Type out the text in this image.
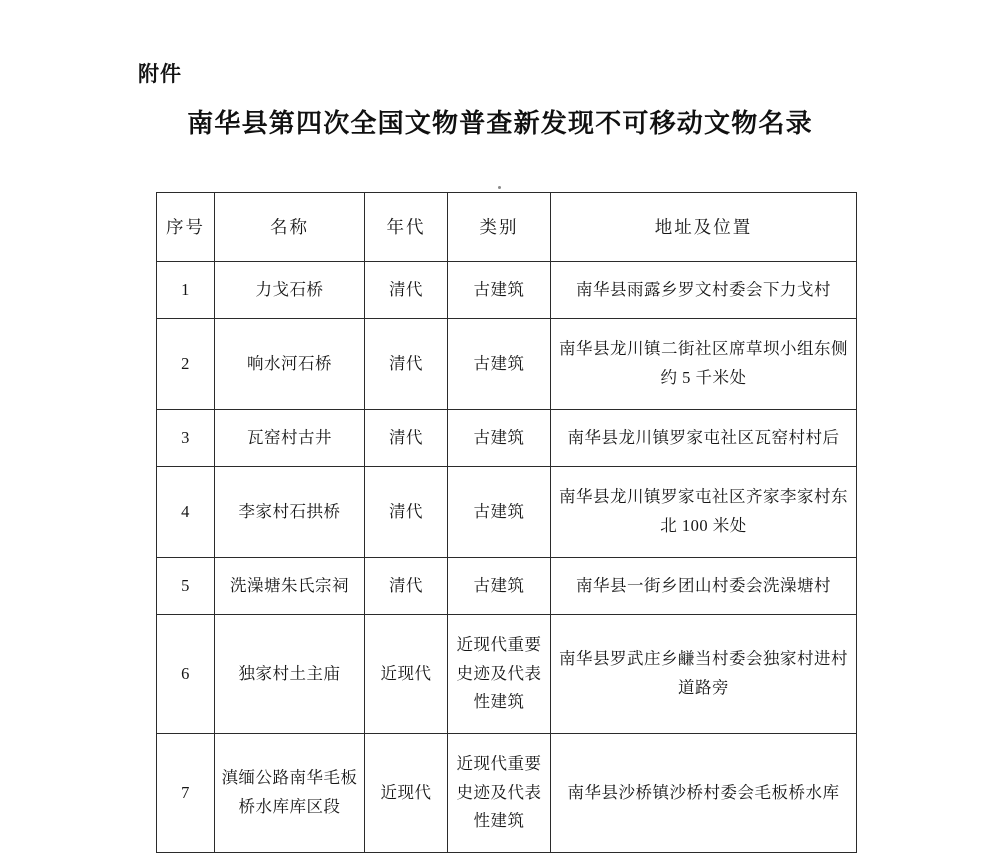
附件
南华县第四次全国文物普查新发现不可移动文物名录
序号	名称	年代	类别	地址及位置
1	力戈石桥	清代	古建筑	南华县雨露乡罗文村委会下力戈村
2	响水河石桥	清代	古建筑	南华县龙川镇二街社区席草坝小组东侧约 5 千米处
3	瓦窑村古井	清代	古建筑	南华县龙川镇罗家屯社区瓦窑村村后
4	李家村石拱桥	清代	古建筑	南华县龙川镇罗家屯社区齐家李家村东北 100 米处
5	洗澡塘朱氏宗祠	清代	古建筑	南华县一街乡团山村委会洗澡塘村
6	独家村土主庙	近现代	近现代重要史迹及代表性建筑	南华县罗武庄乡鹻当村委会独家村进村道路旁
7	滇缅公路南华毛板桥水库库区段	近现代	近现代重要史迹及代表性建筑	南华县沙桥镇沙桥村委会毛板桥水库
